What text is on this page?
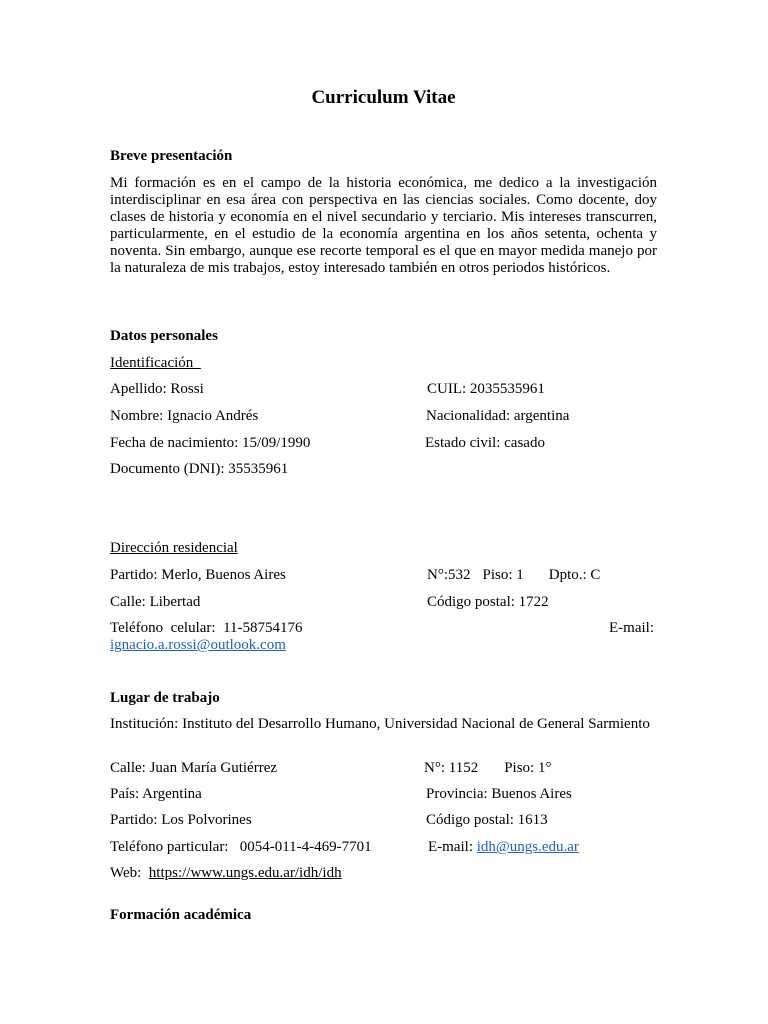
Curriculum Vitae
Breve presentación
Mi formación es en el campo de la historia económica, me dedico a la investigación interdisciplinar en esa área con perspectiva en las ciencias sociales. Como docente, doy clases de historia y economía en el nivel secundario y terciario. Mis intereses transcurren, particularmente, en el estudio de la economía argentina en los años setenta, ochenta y noventa. Sin embargo, aunque ese recorte temporal es el que en mayor medida manejo por la naturaleza de mis trabajos, estoy interesado también en otros periodos históricos.
Datos personales
Identificación
Apellido: Rossi	CUIL: 2035535961
Nombre: Ignacio Andrés	Nacionalidad: argentina
Fecha de nacimiento: 15/09/1990	Estado civil: casado
Documento (DNI): 35535961
Dirección residencial
Partido: Merlo, Buenos Aires	N°:532 Piso: 1 Dpto.: C
Calle: Libertad	Código postal: 1722
Teléfono  celular: 11-58754176	E-mail:
ignacio.a.rossi@outlook.com
Lugar de trabajo
Institución: Instituto del Desarrollo Humano, Universidad Nacional de General Sarmiento
Calle: Juan María Gutiérrez	N°: 1152 Piso: 1°
País: Argentina	Provincia: Buenos Aires
Partido: Los Polvorines	Código postal: 1613
Teléfono particular: 0054-011-4-469-7701	E-mail: idh@ungs.edu.ar
Web: https://www.ungs.edu.ar/idh/idh
Formación académica
